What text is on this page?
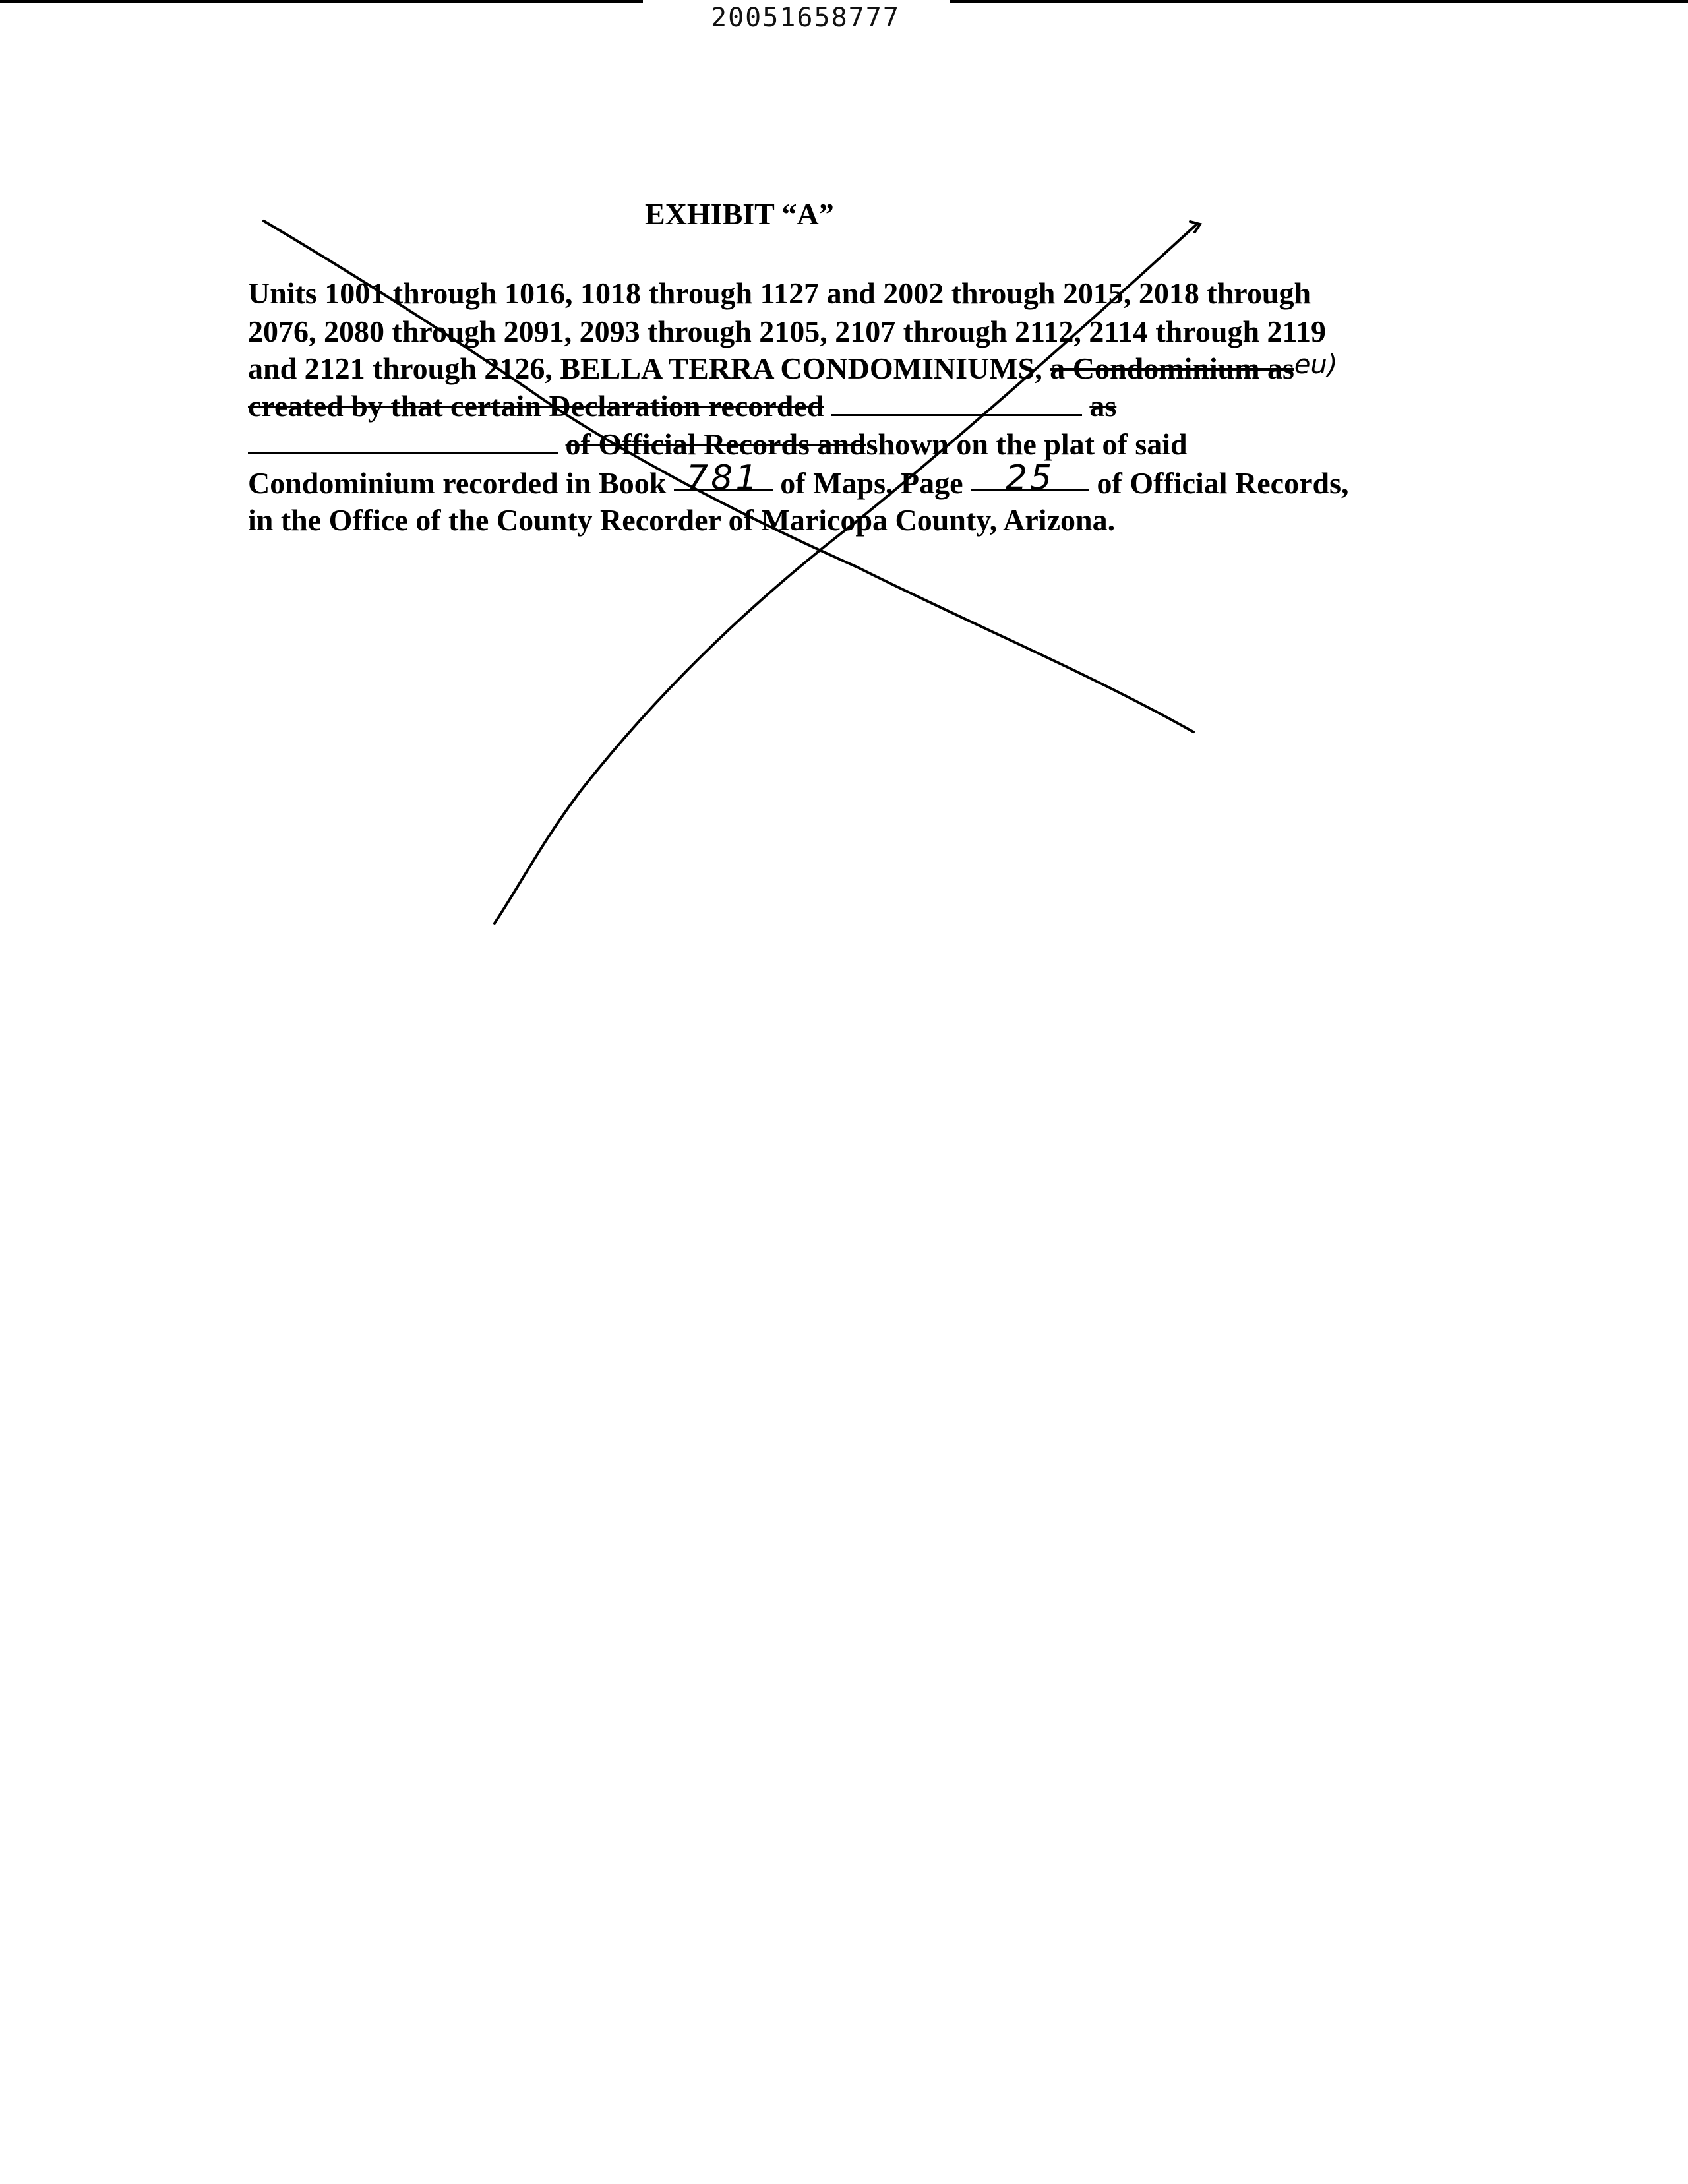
20051658777
EXHIBIT “A”
Units 1001 through 1016, 1018 through 1127 and 2002 through 2015, 2018 through
2076, 2080 through 2091, 2093 through 2105, 2107 through 2112, 2114 through 2119
and 2121 through 2126, BELLA TERRA CONDOMINIUMS, a Condominium aseu)
created by that certain Declaration recorded	as
of Official Records andshown on the plat of said
Condominium recorded in Book 781 of Maps, Page 25 of Official Records,
in the Office of the County Recorder of Maricopa County, Arizona.
